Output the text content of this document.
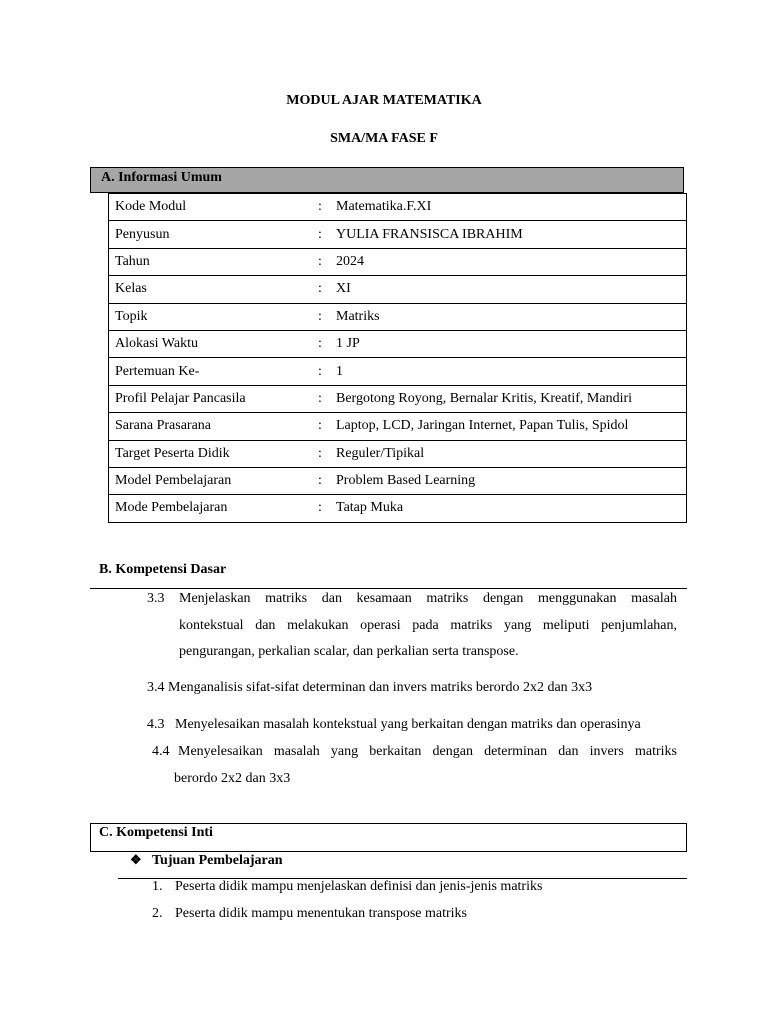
MODUL AJAR MATEMATIKA
SMA/MA FASE F
A. Informasi Umum
Kode Modul	:	Matematika.F.XI
Penyusun	:	YULIA FRANSISCA IBRAHIM
Tahun	:	2024
Kelas	:	XI
Topik	:	Matriks
Alokasi Waktu	:	1 JP
Pertemuan Ke-	:	1
Profil Pelajar Pancasila	:	Bergotong Royong, Bernalar Kritis, Kreatif, Mandiri
Sarana Prasarana	:	Laptop, LCD, Jaringan Internet, Papan Tulis, Spidol
Target Peserta Didik	:	Reguler/Tipikal
Model Pembelajaran	:	Problem Based Learning
Mode Pembelajaran	:	Tatap Muka
B. Kompetensi Dasar
3.3 Menjelaskan matriks dan kesamaan matriks dengan menggunakan masalah
kontekstual dan melakukan operasi pada matriks yang meliputi penjumlahan,
pengurangan, perkalian scalar, dan perkalian serta transpose.
3.4 Menganalisis sifat-sifat determinan dan invers matriks berordo 2x2 dan 3x3
4.3 Menyelesaikan masalah kontekstual yang berkaitan dengan matriks dan operasinya
4.4 Menyelesaikan masalah yang berkaitan dengan determinan dan invers matriks
berordo 2x2 dan 3x3
C. Kompetensi Inti
❖ Tujuan Pembelajaran
1. Peserta didik mampu menjelaskan definisi dan jenis-jenis matriks
2. Peserta didik mampu menentukan transpose matriks
